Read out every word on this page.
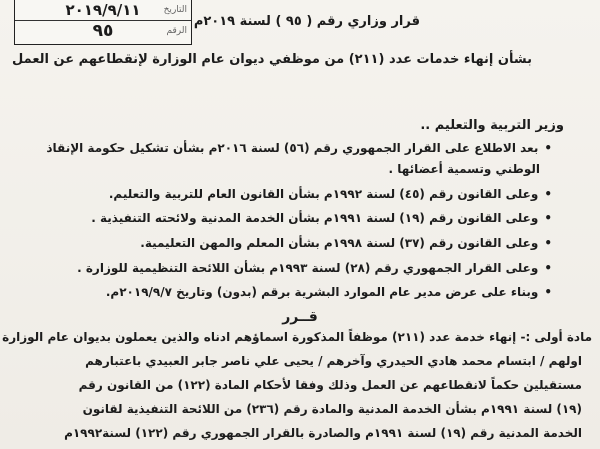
التاريخ
٢٠١٩/٩/١١
الرقم
٩٥	قرار وزاري رقم ( ٩٥ ) لسنة ٢٠١٩م
بشأن إنهاء خدمات عدد (٢١١) من موظفي ديوان عام الوزارة لإنقطاعهم عن العمل
وزير التربية والتعليم ..
•بعد الاطلاع على القرار الجمهوري رقم (٥٦) لسنة ٢٠١٦م بشأن تشكيل حكومة الإنقاذ
الوطني وتسمية أعضائها .
•وعلى القانون رقم (٤٥) لسنة ١٩٩٢م بشأن القانون العام للتربية والتعليم.
•وعلى القانون رقم (١٩) لسنة ١٩٩١م بشأن الخدمة المدنية ولائحته التنفيذية .
•وعلى القانون رقم (٣٧) لسنة ١٩٩٨م بشأن المعلم والمهن التعليمية.
•وعلى القرار الجمهوري رقم (٢٨) لسنة ١٩٩٣م بشأن اللائحة التنظيمية للوزارة .
•وبناء على عرض مدير عام الموارد البشرية برقم (بدون) وتاريخ ٢٠١٩/٩/٧م.
قــرر
مادة أولى :- إنهاء خدمة عدد (٢١١) موظفاً المذكورة اسماؤهم ادناه والذين يعملون بديوان عام الوزارة
اولهم / ابتسام محمد هادي الحيدري وآخرهم / يحيى علي ناصر جابر العبيدي باعتبارهم
مستقيلين حكماً لانقطاعهم عن العمل وذلك وفقا لأحكام المادة (١٢٢) من القانون رقم
(١٩) لسنة ١٩٩١م بشأن الخدمة المدنية والمادة رقم (٢٣٦) من اللائحة التنفيذية لقانون
الخدمة المدنية رقم (١٩) لسنة ١٩٩١م والصادرة بالقرار الجمهوري رقم (١٢٢) لسنة١٩٩٢م
